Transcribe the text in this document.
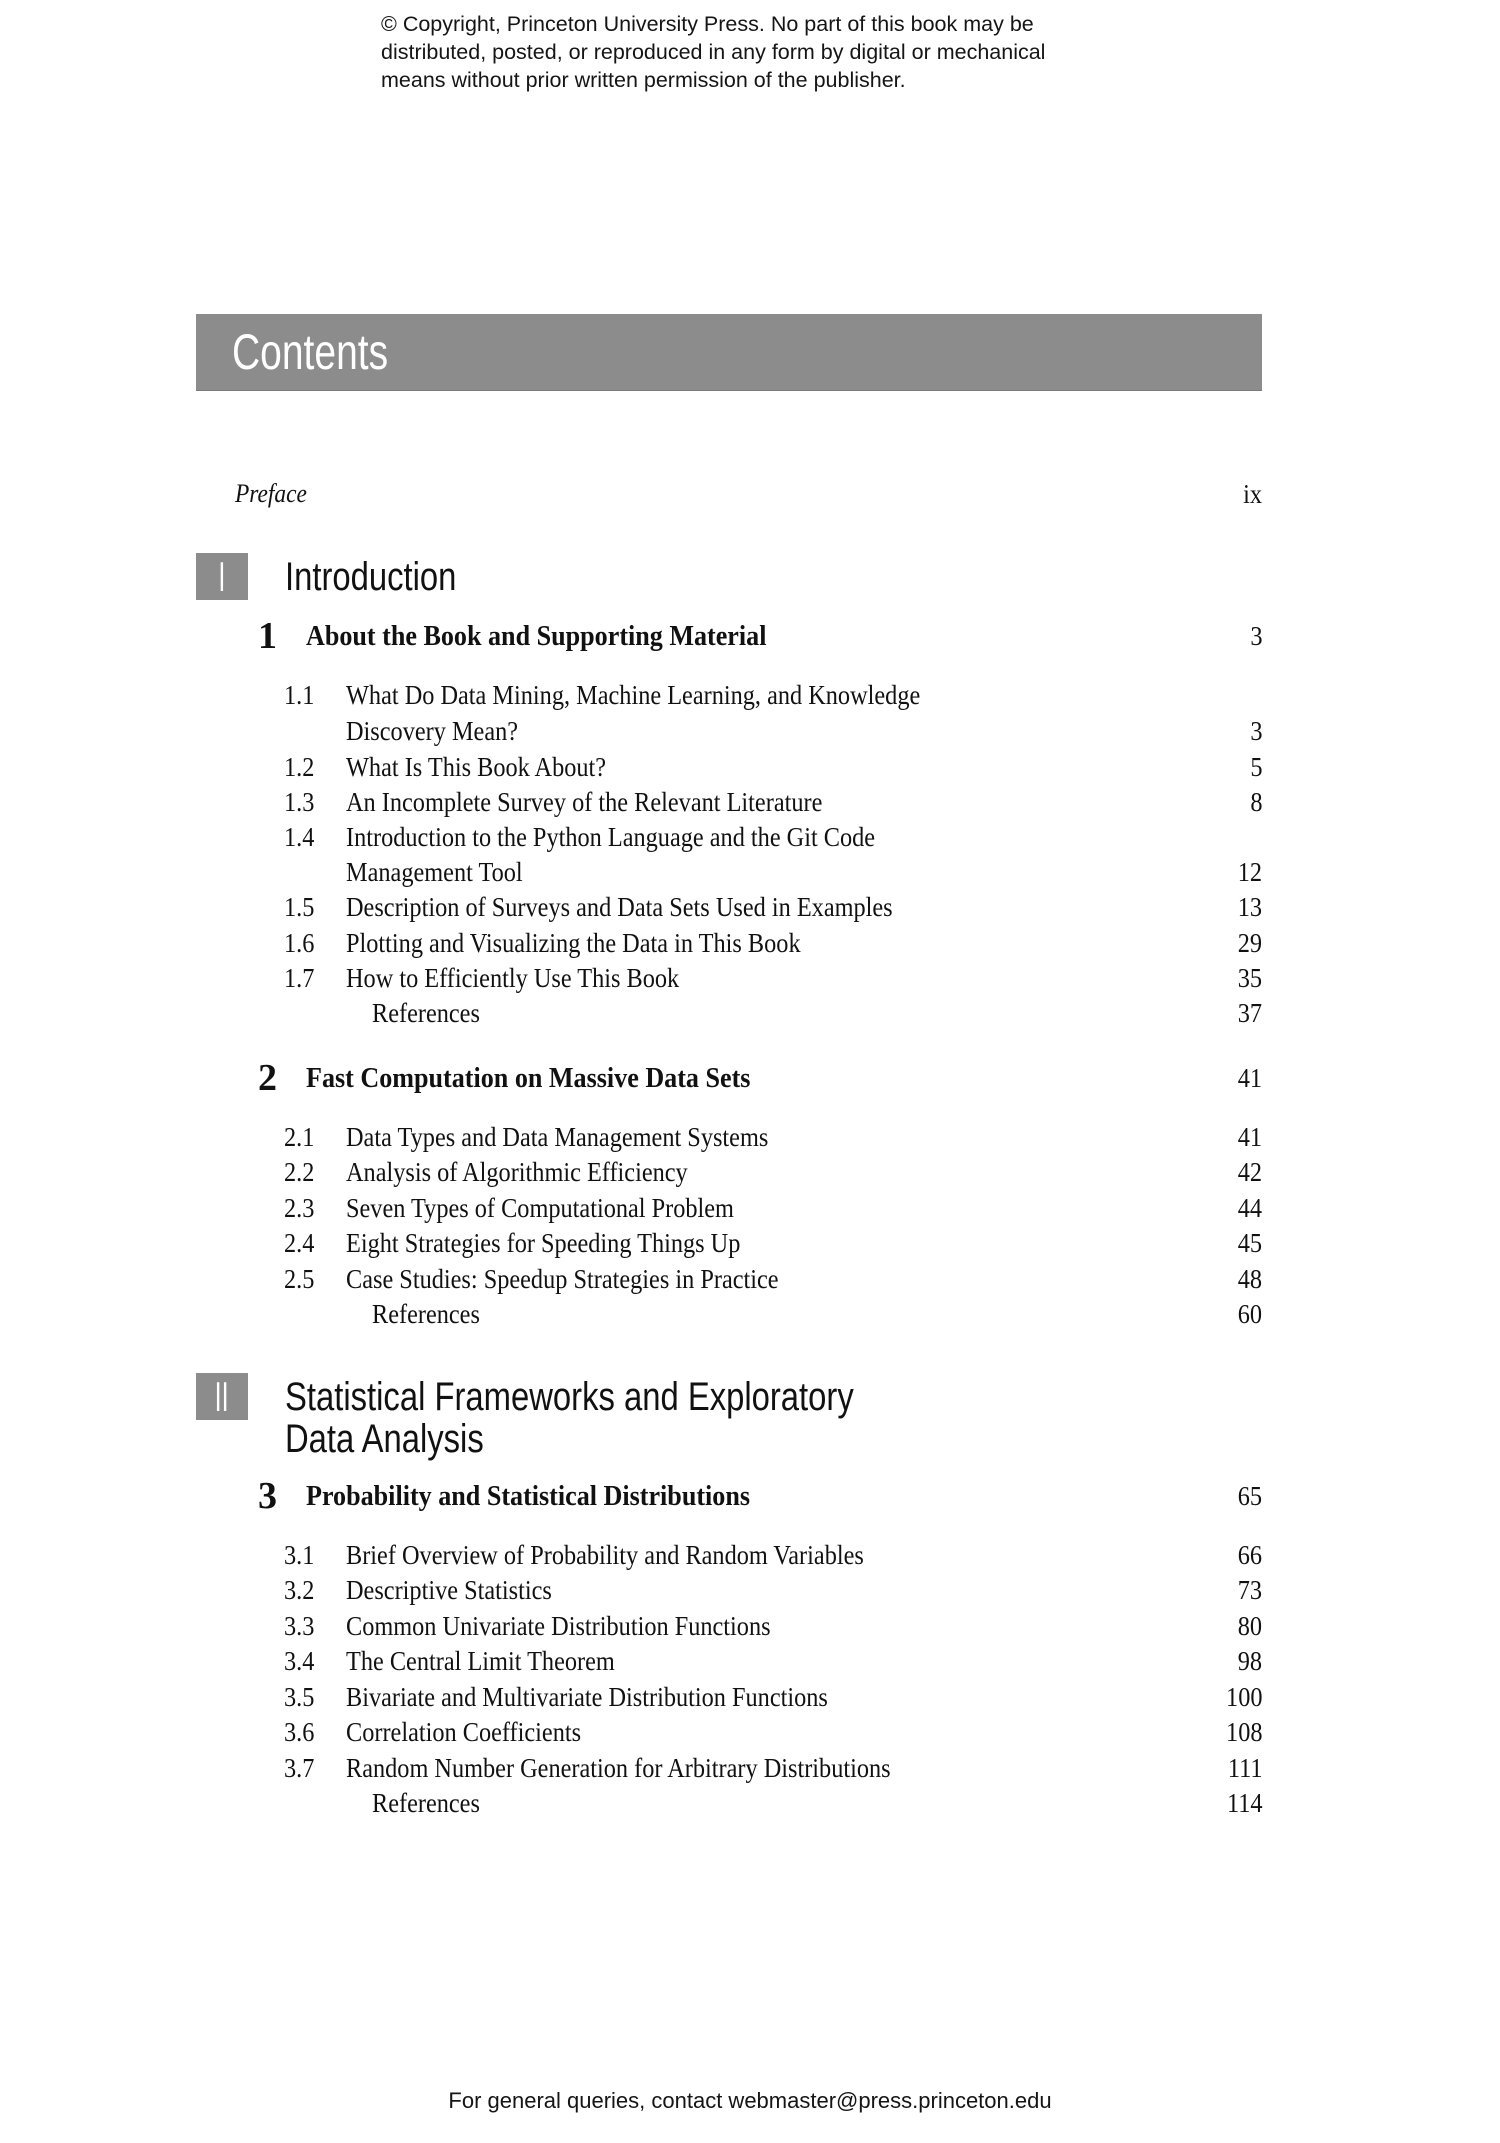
© Copyright, Princeton University Press. No part of this book may be
distributed, posted, or reproduced in any form by digital or mechanical
means without prior written permission of the publisher.
Contents
Preface	ix
I	Introduction
1 About the Book and Supporting Material	3
1.1 What Do Data Mining, Machine Learning, and Knowledge
Discovery Mean?	3
1.2 What Is This Book About?	5
1.3 An Incomplete Survey of the Relevant Literature	8
1.4 Introduction to the Python Language and the Git Code
Management Tool	12
1.5 Description of Surveys and Data Sets Used in Examples	13
1.6 Plotting and Visualizing the Data in This Book	29
1.7 How to Efficiently Use This Book	35
References	37
2 Fast Computation on Massive Data Sets	41
2.1 Data Types and Data Management Systems	41
2.2 Analysis of Algorithmic Efficiency	42
2.3 Seven Types of Computational Problem	44
2.4 Eight Strategies for Speeding Things Up	45
2.5 Case Studies: Speedup Strategies in Practice	48
References	60
II	Statistical Frameworks and Exploratory
Data Analysis
3 Probability and Statistical Distributions	65
3.1 Brief Overview of Probability and Random Variables	66
3.2 Descriptive Statistics	73
3.3 Common Univariate Distribution Functions	80
3.4 The Central Limit Theorem	98
3.5 Bivariate and Multivariate Distribution Functions	100
3.6 Correlation Coefficients	108
3.7 Random Number Generation for Arbitrary Distributions	111
References	114
For general queries, contact webmaster@press.princeton.edu
